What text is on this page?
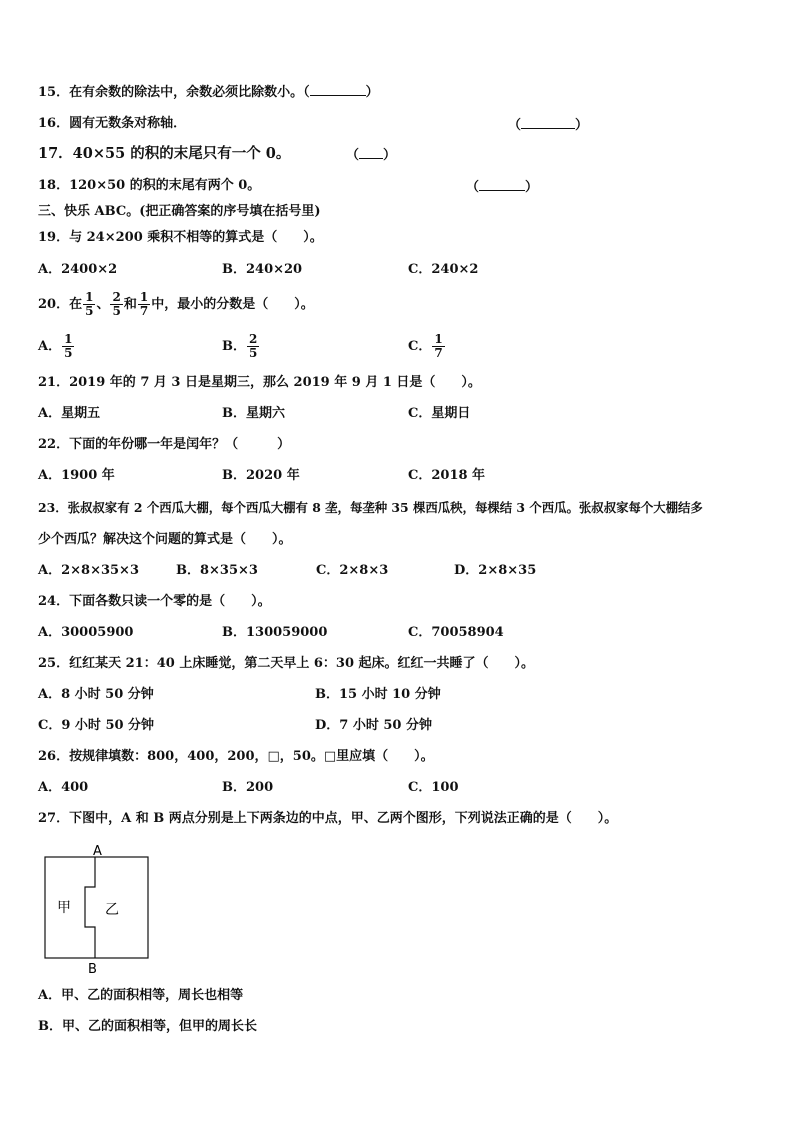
15．在有余数的除法中，余数必须比除数小。（	）
16．圆有无数条对称轴．	（	）
17．40×55 的积的末尾只有一个 0。	（ ）
18．120×50 的积的末尾有两个 0。	（	）
三、快乐 ABC。(把正确答案的序号填在括号里)
19．与 24×200 乘积不相等的算式是（　　）。
A．2400×2	B．240×20	C．240×2
20．在 $\frac{1}{5}$ 、 $\frac{2}{5}$ 和 $\frac{1}{7}$ 中，最小的分数是（　　）。
A． $\frac{1}{5}$	B． $\frac{2}{5}$	C． $\frac{1}{7}$
21．2019 年的 7 月 3 日是星期三，那么 2019 年 9 月 1 日是（　　）。
A．星期五	B．星期六	C．星期日
22．下面的年份哪一年是闰年？（　　　）
A．1900 年	B．2020 年	C．2018 年
23．张叔叔家有 2 个西瓜大棚，每个西瓜大棚有 8 垄，每垄种 35 棵西瓜秧，每棵结 3 个西瓜。张叔叔家每个大棚结多
少个西瓜？解决这个问题的算式是（　　）。
A．2×8×35×3	B．8×35×3	C．2×8×3	D．2×8×35
24．下面各数只读一个零的是（　　）。
A．30005900	B．130059000	C．70058904
25．红红某天 21：40 上床睡觉，第二天早上 6：30 起床。红红一共睡了（　　）。
A．8 小时 50 分钟	B．15 小时 10 分钟
C．9 小时 50 分钟	D．7 小时 50 分钟
26．按规律填数：800，400，200，□，50。□里应填（　　）。
A．400	B．200	C．100
27．下图中，A 和 B 两点分别是上下两条边的中点，甲、乙两个图形，下列说法正确的是（　　）。
A
B
甲 乙
A．甲、乙的面积相等，周长也相等
B．甲、乙的面积相等，但甲的周长长
